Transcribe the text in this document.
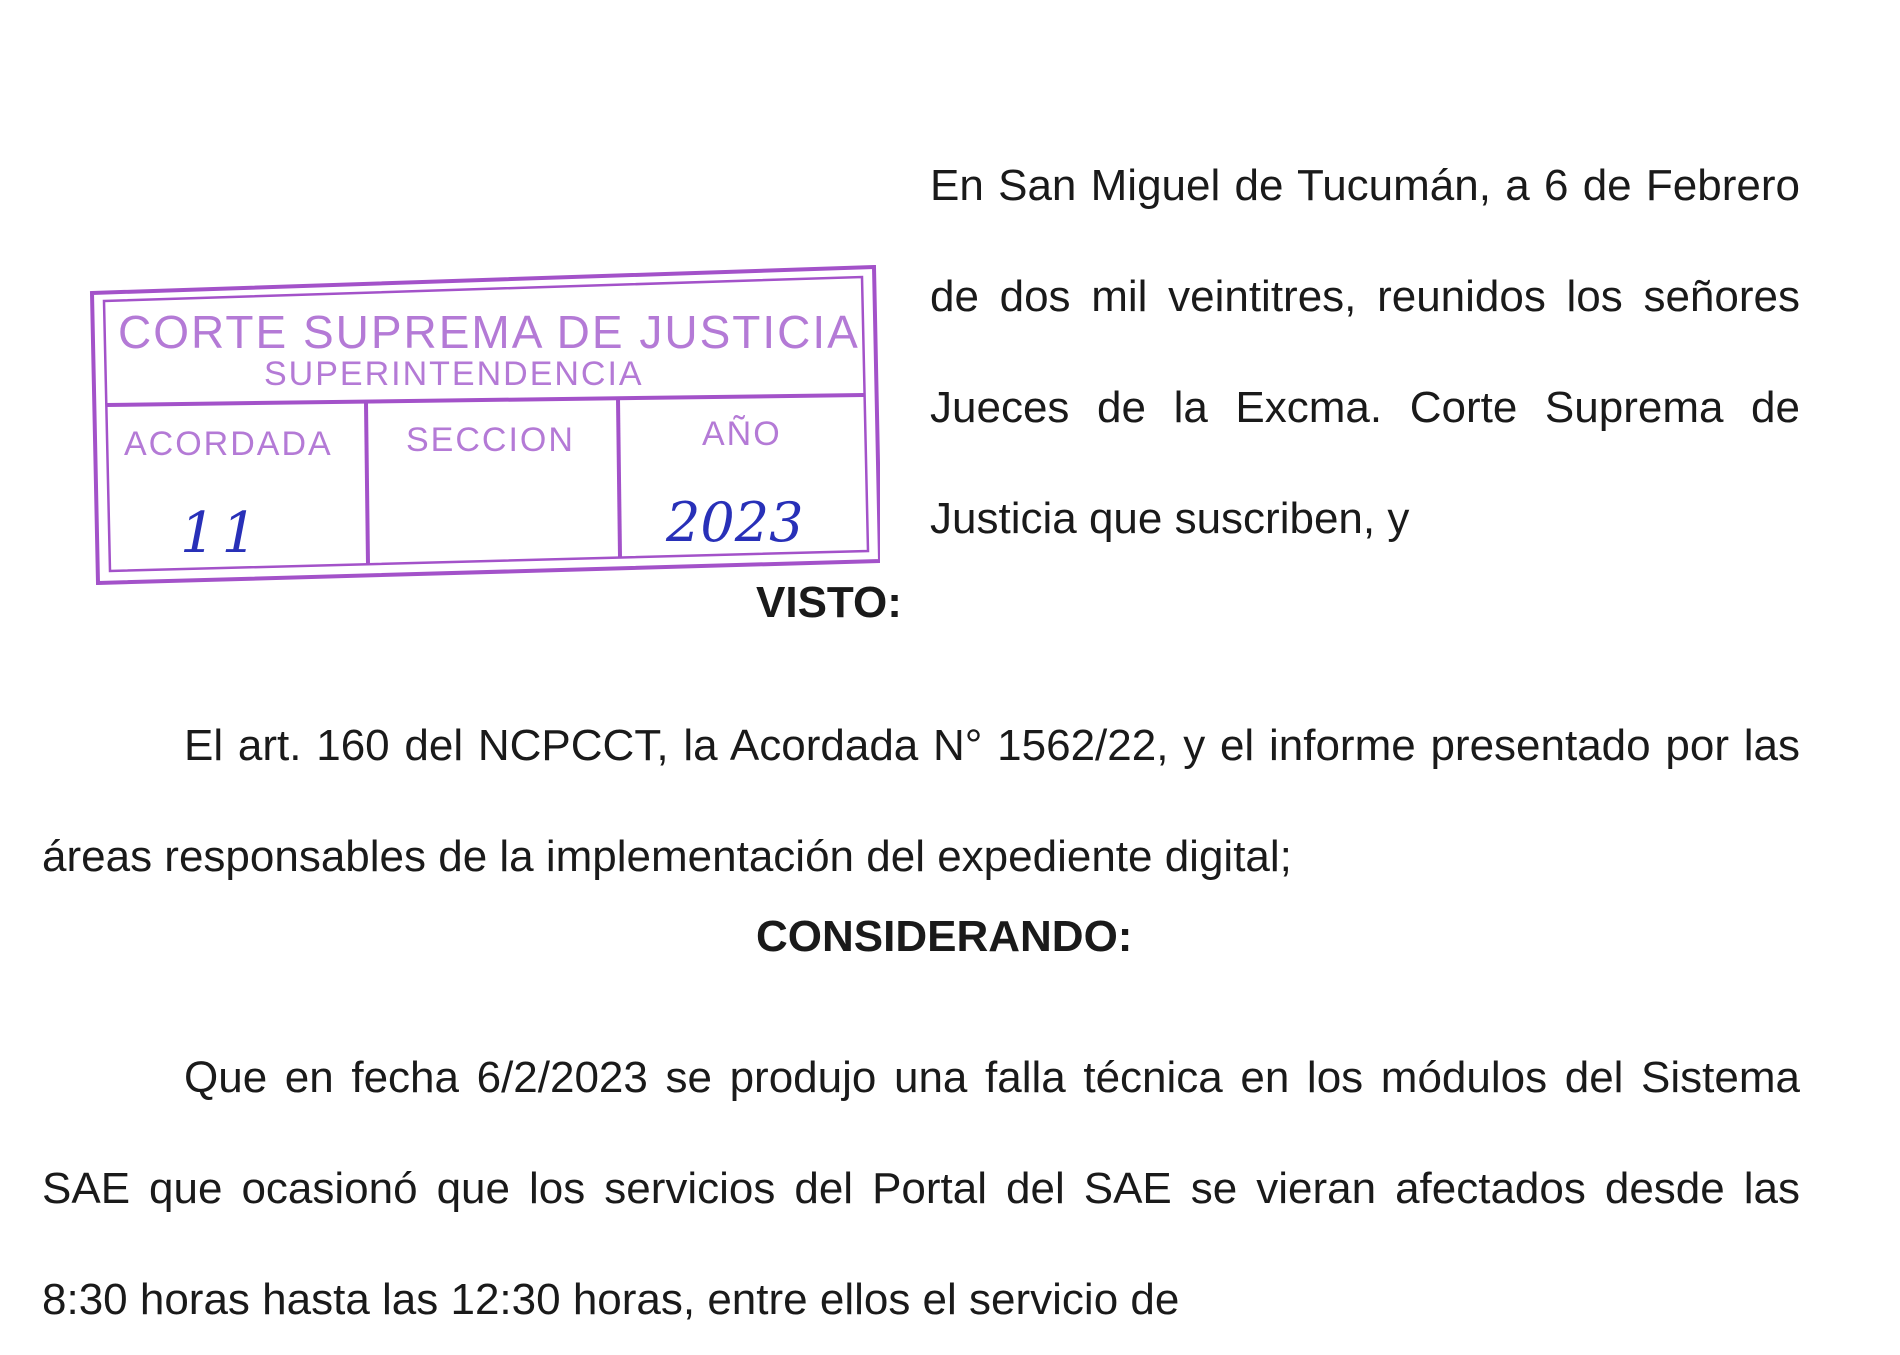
CORTE SUPREMA DE JUSTICIA
SUPERINTENDENCIA
ACORDADA SECCION	AÑO
11	2023
En San Miguel de Tucumán, a 6 de Febrero de dos mil veintitres, reunidos los señores Jueces de la Excma. Corte Suprema de Justicia que suscriben, y
VISTO:
El art. 160 del NCPCCT, la Acordada N° 1562/22, y el informe presentado por las áreas responsables de la implementación del expediente digital;
CONSIDERANDO:
Que en fecha 6/2/2023 se produjo una falla técnica en los módulos del Sistema SAE que ocasionó que los servicios del Portal del SAE se vieran afectados desde las 8:30 horas hasta las 12:30 horas, entre ellos el servicio de
